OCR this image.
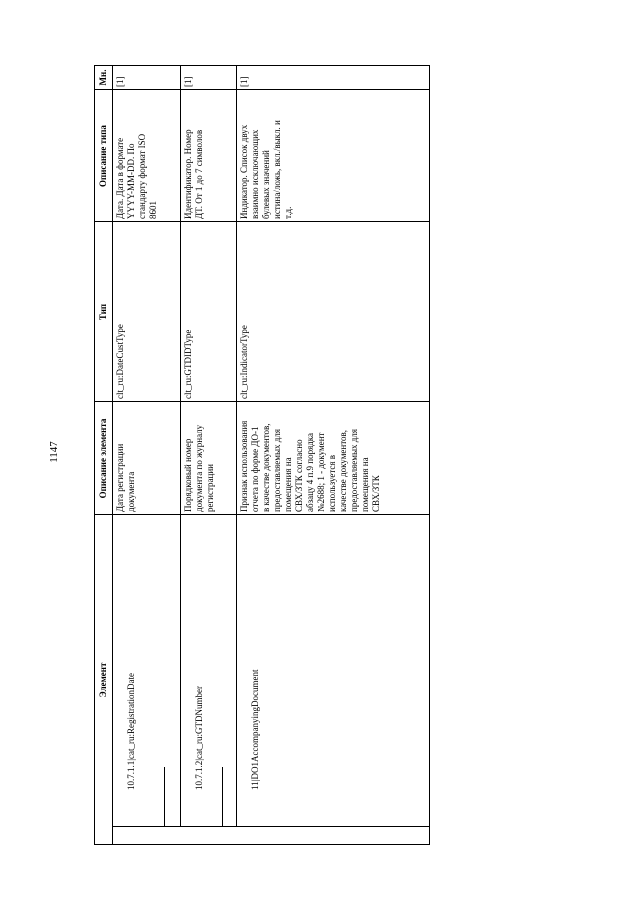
1147
Элемент
Описание элемента
Тип
Описание типа
Мн.

10.7.1.1|cat_ru:RegistrationDate

Дата регистрации
документа
clt_ru:DateCustType
Дата. Дата в формате
YYYY-MM-DD. По
стандарту формат ISO
8601
[1]

10.7.1.2|cat_ru:GTDNumber

Порядковый номер
документа по журналу
регистрации
clt_ru:GTDIDType
Идентификатор. Номер
ДТ. От 1 до 7 символов
[1]

11|DO1AccompanyingDocument

Признак использования
отчета по форме ДО-1
в качестве документов,
предоставляемых для
помещения на
СВХ/ЗТК согласно
абзацу 4 п.9 порядка
№2688; 1 - документ
используется в
качестве документов,
предоставляемых для
помещения на
СВХ/ЗТК
clt_ru:IndicatorType
Индикатор. Список двух
взаимно исключающих
булевых значений
истина/ложь, вкл./выкл. и
т.д.
[1]
